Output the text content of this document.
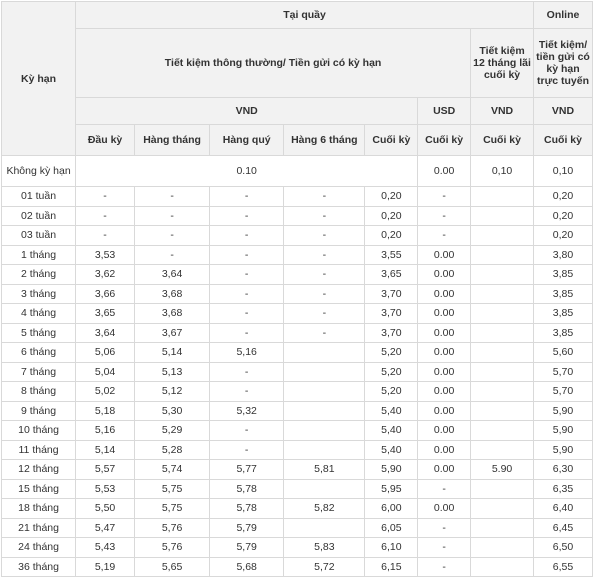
Kỳ hạn	Tại quầy							Online
	Tiết kiệm thông thường/ Tiền gửi có kỳ hạn						Tiết kiệm 12 tháng lãi cuối kỳ	Tiết kiệm/ tiền gửi có kỳ hạn trực tuyến
	VND					USD	VND	VND
	Đầu kỳ	Hàng tháng	Hàng quý	Hàng 6 tháng	Cuối kỳ	Cuối kỳ	Cuối kỳ	Cuối kỳ
Không kỳ hạn	0.10					0.00	0,10	0,10
01 tuần	-	-	-	-	0,20	-		0,20
02 tuần	-	-	-	-	0,20	-		0,20
03 tuần	-	-	-	-	0,20	-		0,20
1 tháng	3,53	-	-	-	3,55	0.00		3,80
2 tháng	3,62	3,64	-	-	3,65	0.00		3,85
3 tháng	3,66	3,68	-	-	3,70	0.00		3,85
4 tháng	3,65	3,68	-	-	3,70	0.00		3,85
5 tháng	3,64	3,67	-	-	3,70	0.00		3,85
6 tháng	5,06	5,14	5,16		5,20	0.00		5,60
7 tháng	5,04	5,13	-		5,20	0.00		5,70
8 tháng	5,02	5,12	-		5,20	0.00		5,70
9 tháng	5,18	5,30	5,32		5,40	0.00		5,90
10 tháng	5,16	5,29	-		5,40	0.00		5,90
11 tháng	5,14	5,28	-		5,40	0.00		5,90
12 tháng	5,57	5,74	5,77	5,81	5,90	0.00	5.90	6,30
15 tháng	5,53	5,75	5,78		5,95	-		6,35
18 tháng	5,50	5,75	5,78	5,82	6,00	0.00		6,40
21 tháng	5,47	5,76	5,79		6,05	-		6,45
24 tháng	5,43	5,76	5,79	5,83	6,10	-		6,50
36 tháng	5,19	5,65	5,68	5,72	6,15	-		6,55
